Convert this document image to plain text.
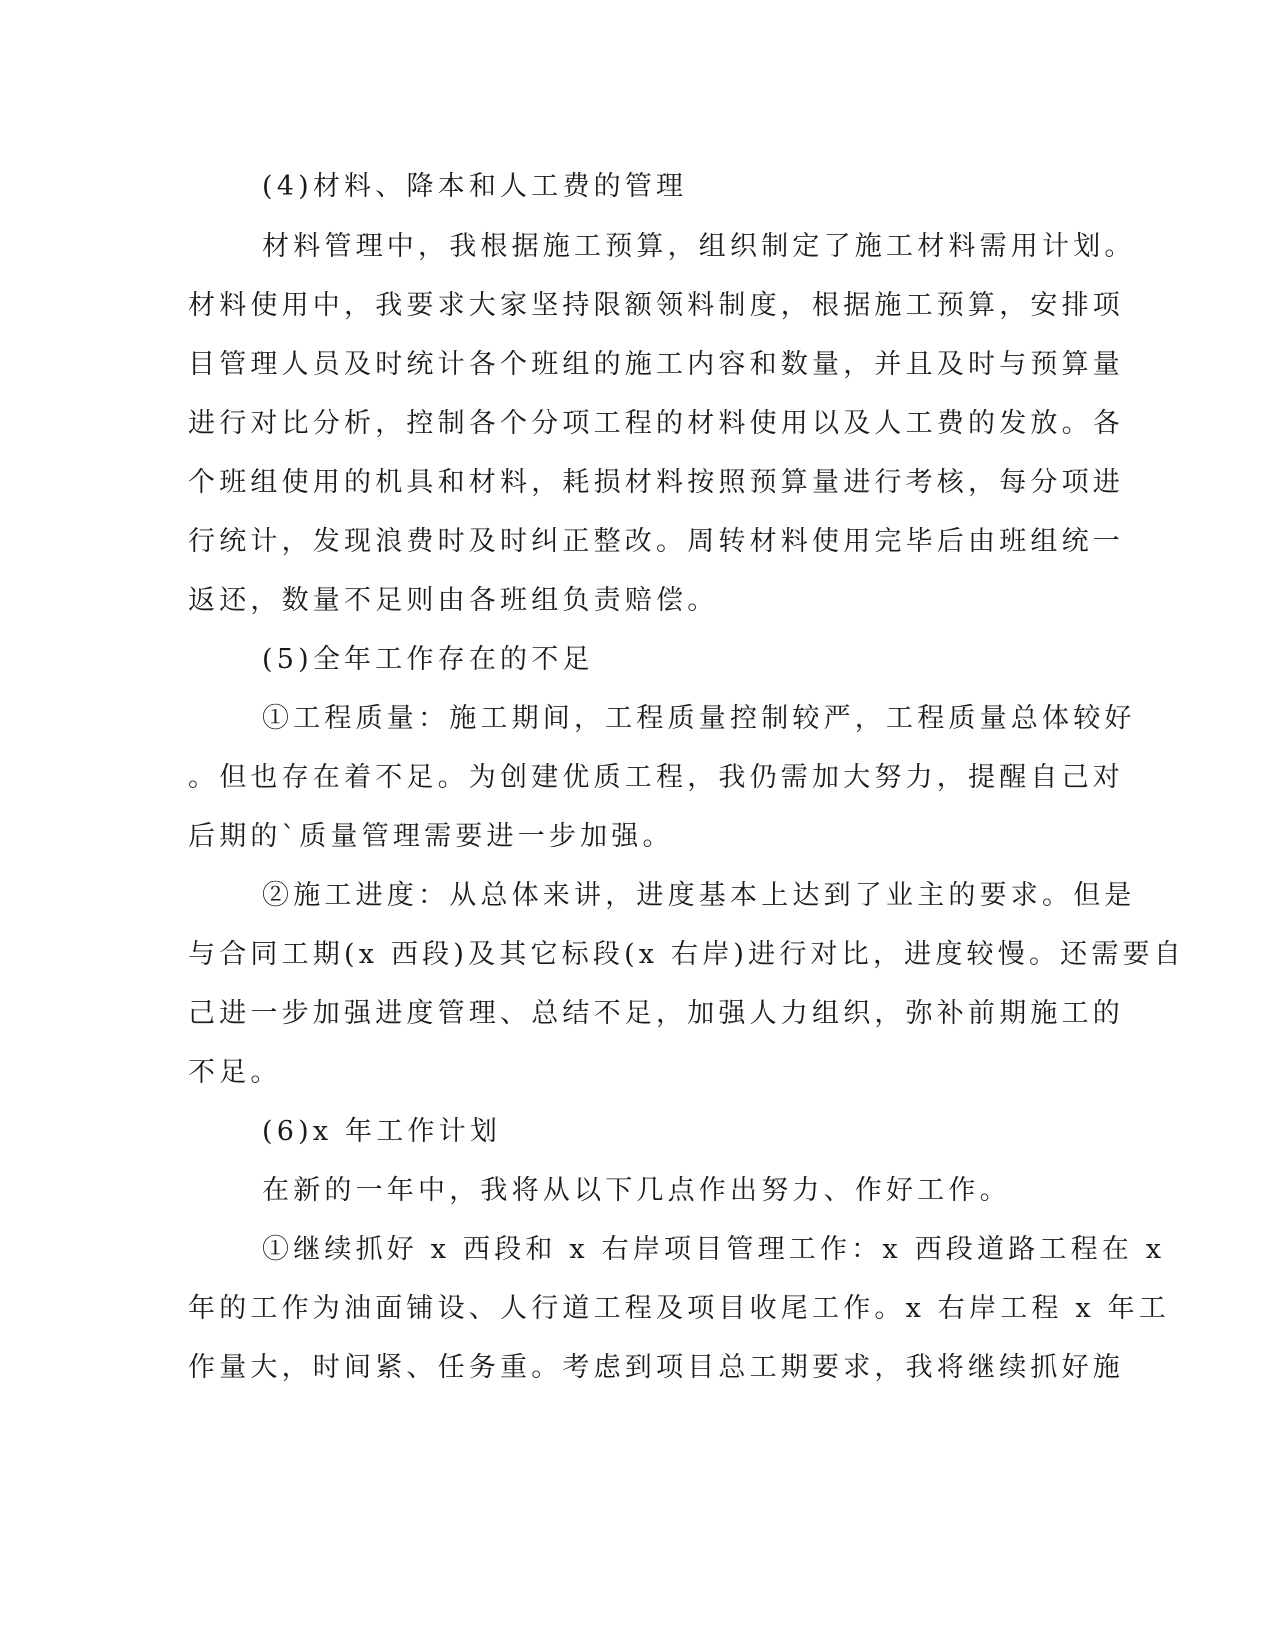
(4)材料、降本和人工费的管理
材料管理中，我根据施工预算，组织制定了施工材料需用计划。
材料使用中，我要求大家坚持限额领料制度，根据施工预算，安排项
目管理人员及时统计各个班组的施工内容和数量，并且及时与预算量
进行对比分析，控制各个分项工程的材料使用以及人工费的发放。各
个班组使用的机具和材料，耗损材料按照预算量进行考核，每分项进
行统计，发现浪费时及时纠正整改。周转材料使用完毕后由班组统一
返还，数量不足则由各班组负责赔偿。
(5)全年工作存在的不足
①工程质量：施工期间，工程质量控制较严，工程质量总体较好
。但也存在着不足。为创建优质工程，我仍需加大努力，提醒自己对
后期的`质量管理需要进一步加强。
②施工进度：从总体来讲，进度基本上达到了业主的要求。但是
与合同工期(x 西段)及其它标段(x 右岸)进行对比，进度较慢。还需要自
己进一步加强进度管理、总结不足，加强人力组织，弥补前期施工的
不足。
(6)x 年工作计划
在新的一年中，我将从以下几点作出努力、作好工作。
①继续抓好 x 西段和 x 右岸项目管理工作：x 西段道路工程在 x
年的工作为油面铺设、人行道工程及项目收尾工作。x 右岸工程 x 年工
作量大，时间紧、任务重。考虑到项目总工期要求，我将继续抓好施
